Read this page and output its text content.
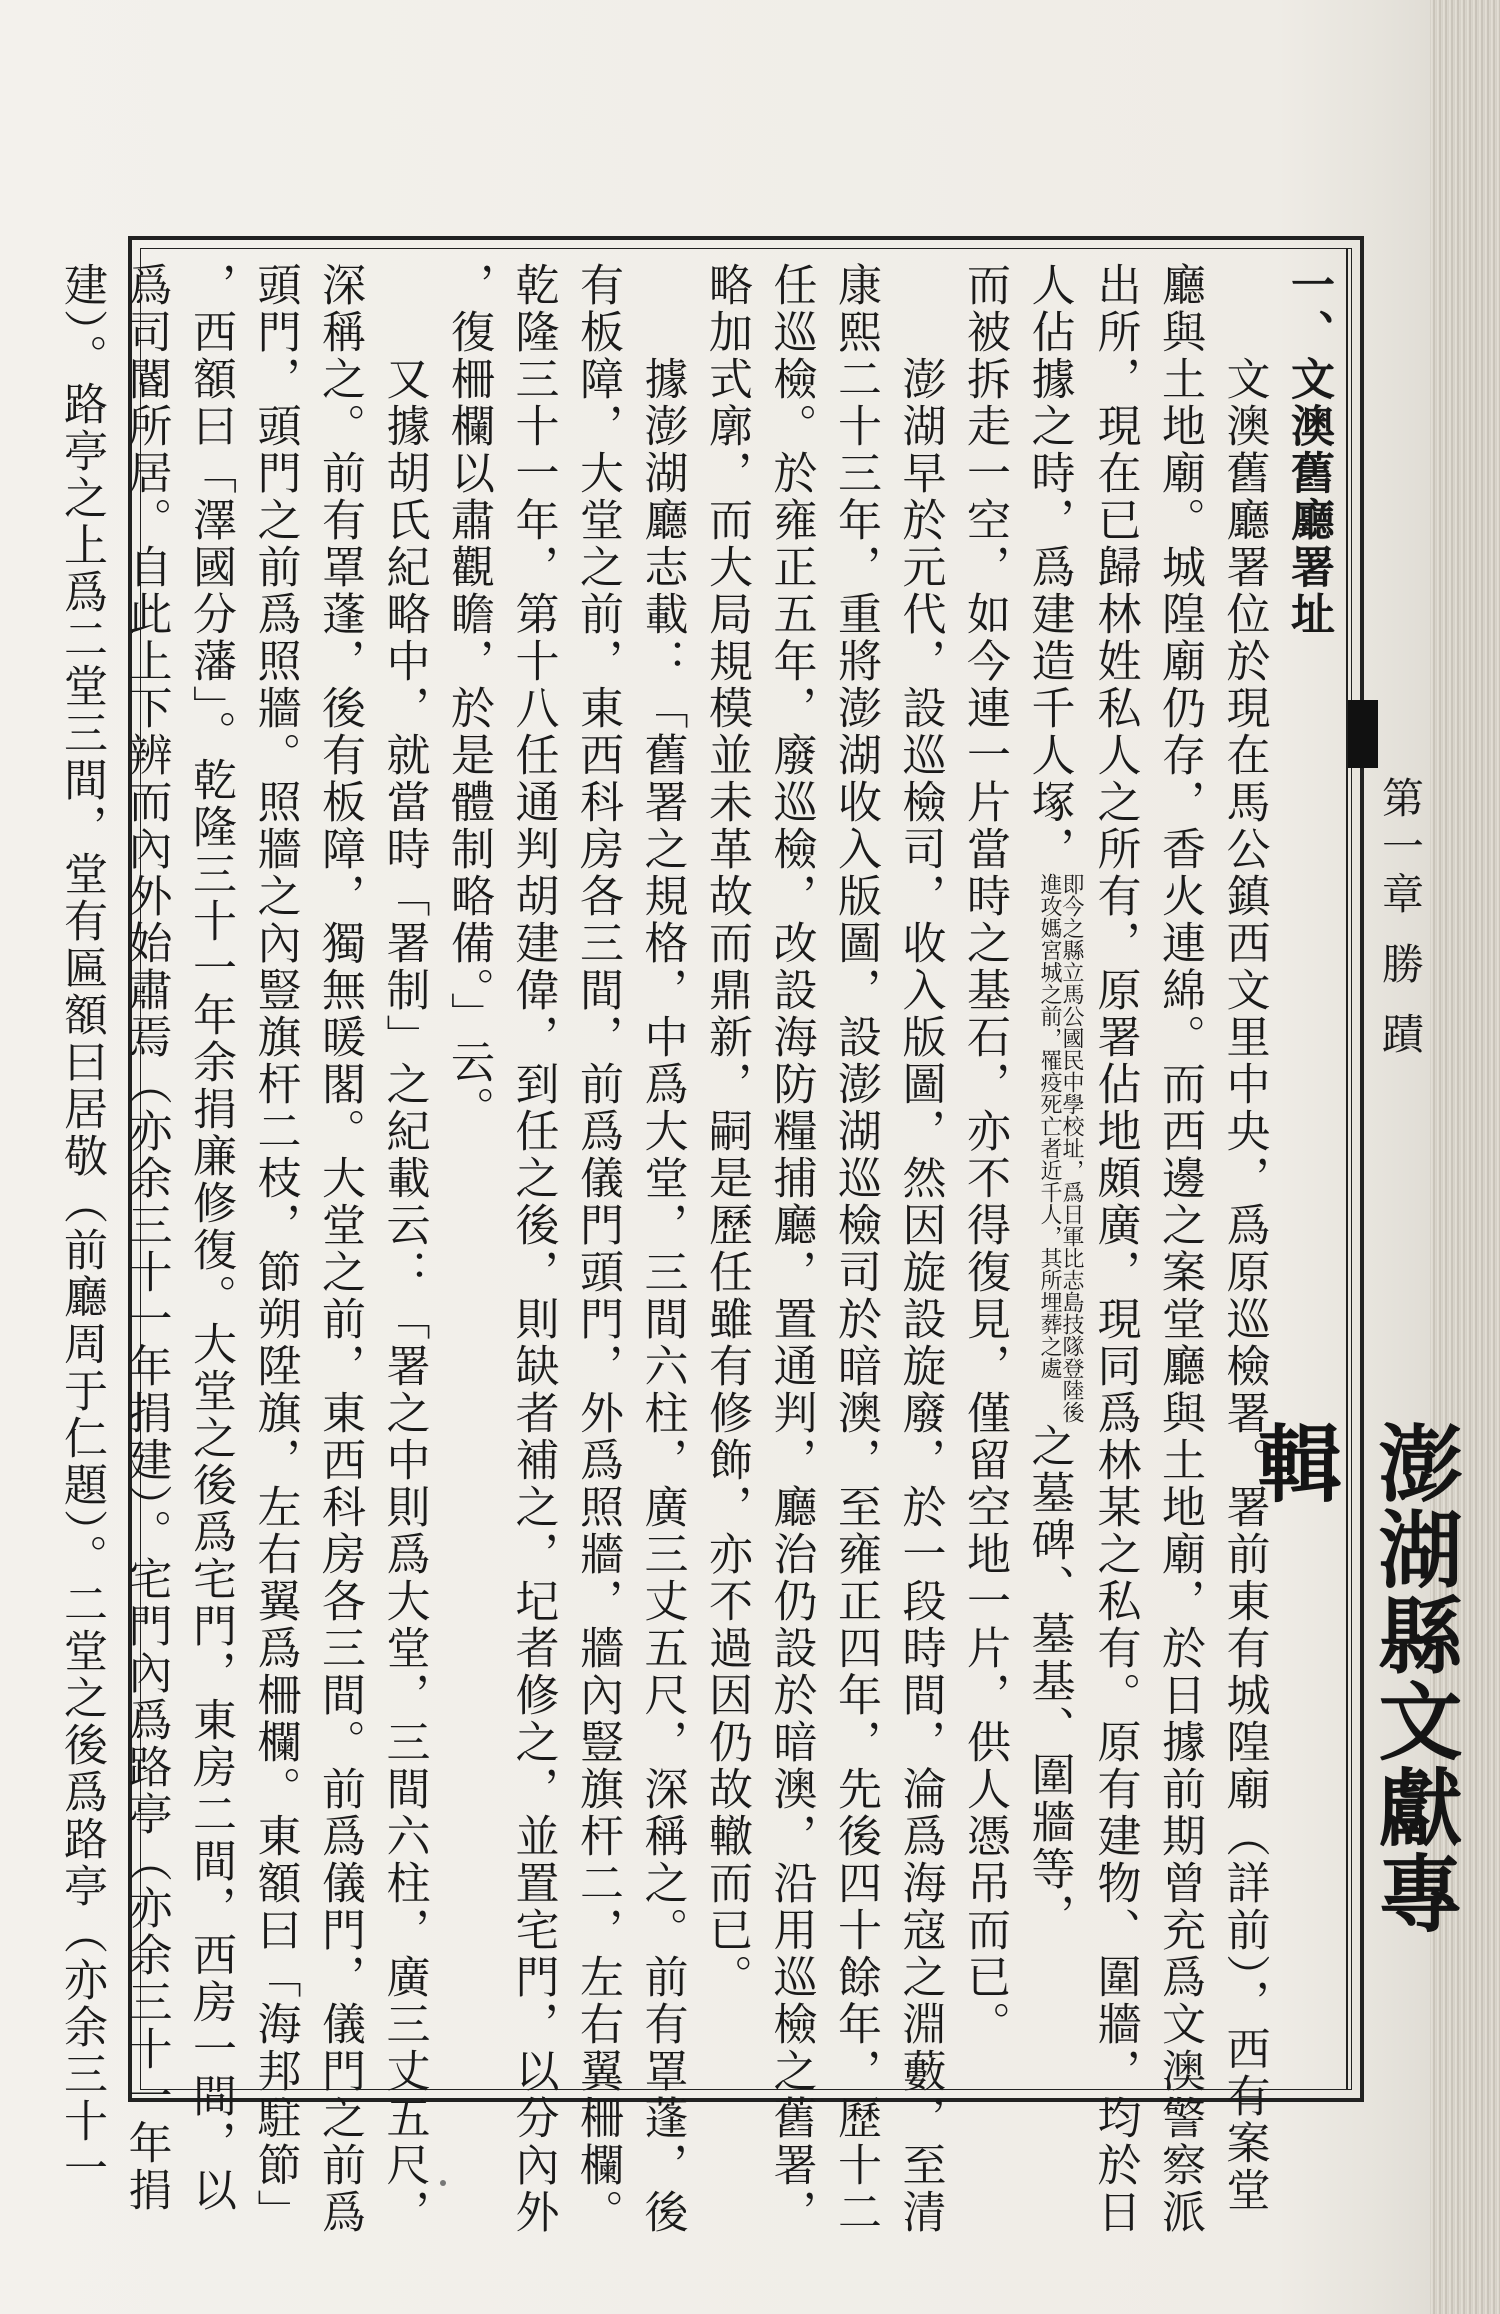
第一章
勝
蹟
澎湖縣文獻專輯
一、文澳舊廳署址
　　文澳舊廳署位於現在馬公鎮西文里中央，爲原巡檢署。署前東有城隍廟（詳前），西有案堂
廳與土地廟。城隍廟仍存，香火連綿。而西邊之案堂廳與土地廟，於日據前期曾充爲文澳警察派
出所，現在已歸林姓私人之所有，原署佔地頗廣，現同爲林某之私有。原有建物、圍牆，均於日
人佔據之時，爲建造千人塚，即今之縣立馬公國民中學校址，爲日軍比志島技隊登陸後
進攻媽宮城之前，罹疫死亡者近千人，其所埋葬之處之墓碑、墓基、圍牆等，
而被拆走一空，如今連一片當時之基石，亦不得復見，僅留空地一片，供人憑吊而已。
　　澎湖早於元代，設巡檢司，收入版圖，然因旋設旋廢，於一段時間，淪爲海寇之淵藪，至清
康熙二十三年，重將澎湖收入版圖，設澎湖巡檢司於暗澳，至雍正四年，先後四十餘年，歷十二
任巡檢。於雍正五年，廢巡檢，改設海防糧捕廳，置通判，廳治仍設於暗澳，沿用巡檢之舊署，
略加式廓，而大局規模並未革故而鼎新，嗣是歷任雖有修飾，亦不過因仍故轍而已。
　　據澎湖廳志載：「舊署之規格，中爲大堂，三間六柱，廣三丈五尺，深稱之。前有罩蓬，後
有板障，大堂之前，東西科房各三間，前爲儀門頭門，外爲照牆，牆內豎旗杆二，左右翼柵欄。
乾隆三十一年，第十八任通判胡建偉，到任之後，則缺者補之，圮者修之，並置宅門，以分內外
，復柵欄以肅觀瞻，於是體制略備。」云。
　　又據胡氏紀略中，就當時「署制」之紀載云：「署之中則爲大堂，三間六柱，廣三丈五尺，
深稱之。前有罩蓬，後有板障，獨無暖閣。大堂之前，東西科房各三間。前爲儀門，儀門之前爲
頭門，頭門之前爲照牆。照牆之內豎旗杆二枝，節朔陞旗，左右翼爲柵欄。東額曰「海邦駐節」
，西額曰「澤國分藩」。乾隆三十一年余捐廉修復。大堂之後爲宅門，東房二間，西房一間，以
爲司閽所居。自此上下辨而內外始肅焉（亦余三十一年捐建）。宅門內爲路亭（亦余三十一年捐
建）。路亭之上爲二堂三間，堂有匾額曰居敬（前廳周于仁題）。二堂之後爲路亭（亦余三十一
